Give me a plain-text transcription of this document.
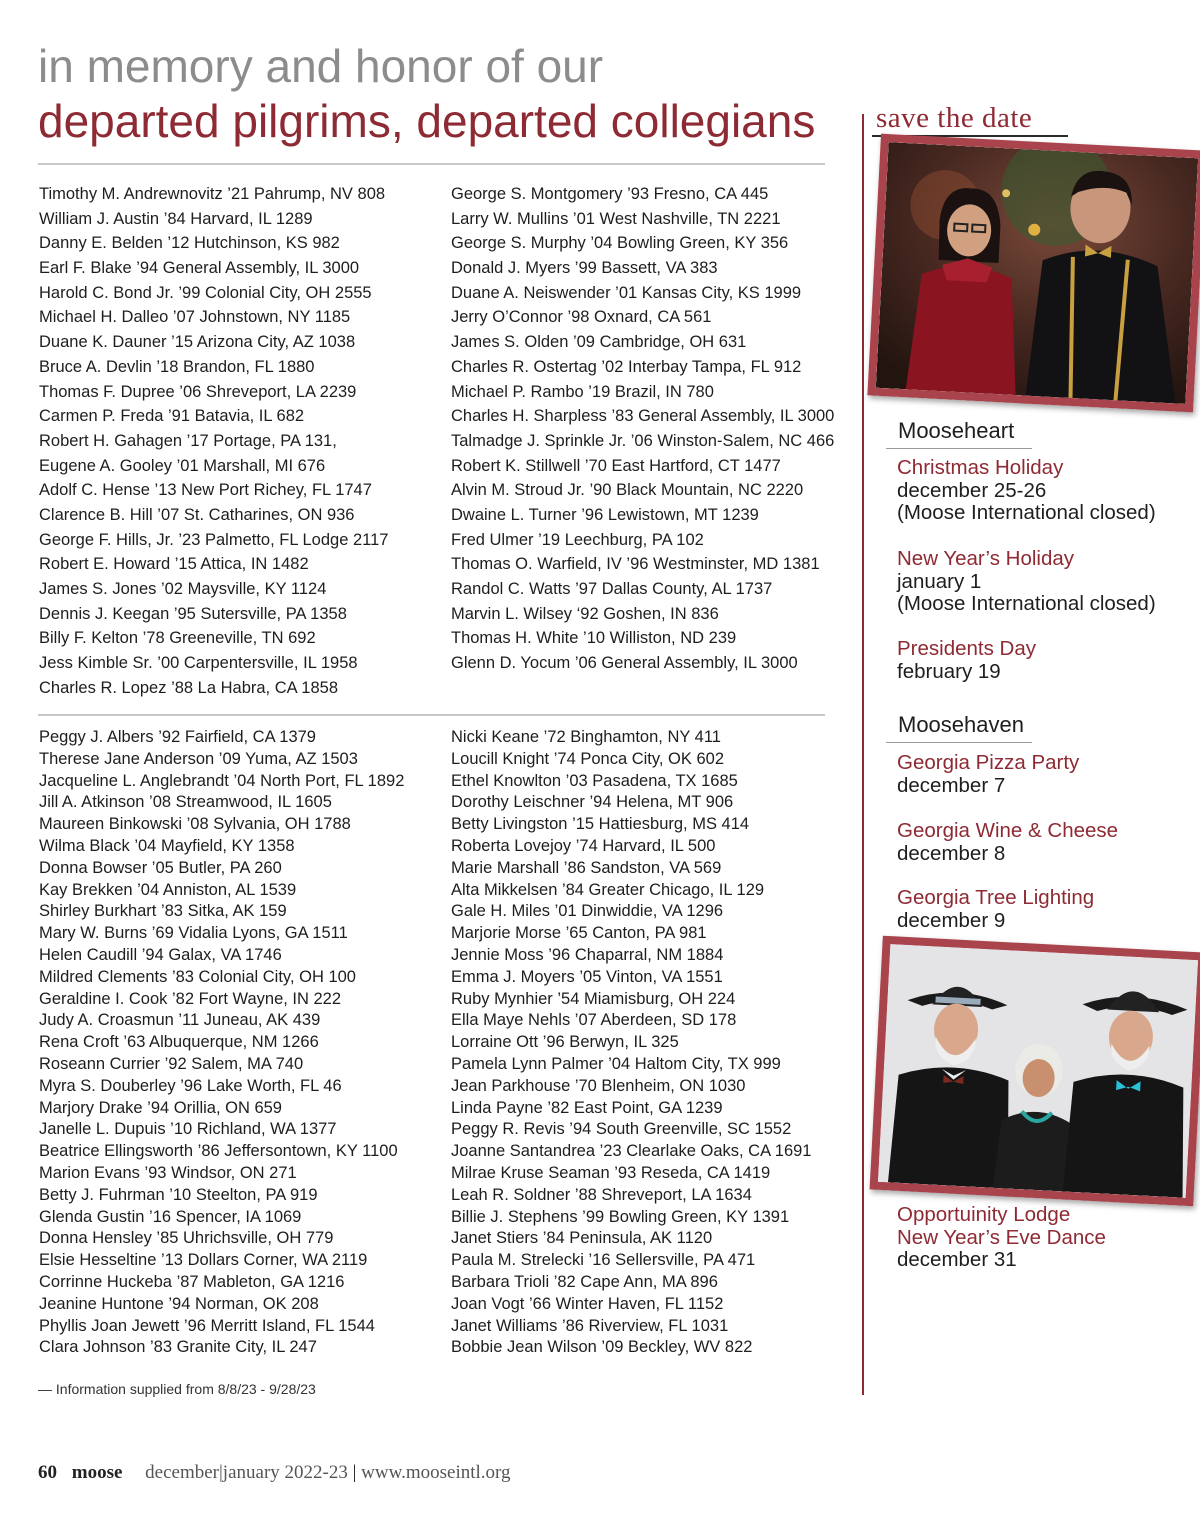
in memory and honor of our
departed pilgrims, departed collegians
Timothy M. Andrewnovitz ’21 Pahrump, NV 808
William J. Austin ’84 Harvard, IL 1289
Danny E. Belden ’12 Hutchinson, KS 982
Earl F. Blake ’94 General Assembly, IL 3000
Harold C. Bond Jr. ’99 Colonial City, OH 2555
Michael H. Dalleo ’07 Johnstown, NY 1185
Duane K. Dauner ’15 Arizona City, AZ 1038
Bruce A. Devlin ’18 Brandon, FL 1880
Thomas F. Dupree ’06 Shreveport, LA 2239
Carmen P. Freda ’91 Batavia, IL 682
Robert H. Gahagen ’17 Portage, PA 131,
Eugene A. Gooley ’01 Marshall, MI 676
Adolf C. Hense ’13 New Port Richey, FL 1747
Clarence B. Hill ’07 St. Catharines, ON 936
George F. Hills, Jr. ’23 Palmetto, FL Lodge 2117
Robert E. Howard ’15 Attica, IN 1482
James S. Jones ’02 Maysville, KY 1124
Dennis J. Keegan ’95 Sutersville, PA 1358
Billy F. Kelton ’78 Greeneville, TN 692
Jess Kimble Sr. ’00 Carpentersville, IL 1958
Charles R. Lopez ’88 La Habra, CA 1858
George S. Montgomery ’93 Fresno, CA 445
Larry W. Mullins ’01 West Nashville, TN 2221
George S. Murphy ’04 Bowling Green, KY 356
Donald J. Myers ’99 Bassett, VA 383
Duane A. Neiswender ’01 Kansas City, KS 1999
Jerry O’Connor ’98 Oxnard, CA 561
James S. Olden ’09 Cambridge, OH 631
Charles R. Ostertag ’02 Interbay Tampa, FL 912
Michael P. Rambo ’19 Brazil, IN 780
Charles H. Sharpless ’83 General Assembly, IL 3000
Talmadge J. Sprinkle Jr. ’06 Winston-Salem, NC 466
Robert K. Stillwell ’70 East Hartford, CT 1477
Alvin M. Stroud Jr. ’90 Black Mountain, NC 2220
Dwaine L. Turner ’96 Lewistown, MT 1239
Fred Ulmer ’19 Leechburg, PA 102
Thomas O. Warfield, IV ’96 Westminster, MD 1381
Randol C. Watts ’97 Dallas County, AL 1737
Marvin L. Wilsey ‘92 Goshen, IN 836
Thomas H. White ’10 Williston, ND 239
Glenn D. Yocum ’06 General Assembly, IL 3000
Peggy J. Albers ’92 Fairfield, CA 1379
Therese Jane Anderson ’09 Yuma, AZ 1503
Jacqueline L. Anglebrandt ’04 North Port, FL 1892
Jill A. Atkinson ’08 Streamwood, IL 1605
Maureen Binkowski ’08 Sylvania, OH 1788
Wilma Black ’04 Mayfield, KY 1358
Donna Bowser ’05 Butler, PA 260
Kay Brekken ’04 Anniston, AL 1539
Shirley Burkhart ’83 Sitka, AK 159
Mary W. Burns ’69 Vidalia Lyons, GA 1511
Helen Caudill ’94 Galax, VA 1746
Mildred Clements ’83 Colonial City, OH 100
Geraldine I. Cook ’82 Fort Wayne, IN 222
Judy A. Croasmun ’11 Juneau, AK 439
Rena Croft ’63 Albuquerque, NM 1266
Roseann Currier ’92 Salem, MA 740
Myra S. Douberley ’96 Lake Worth, FL 46
Marjory Drake ’94 Orillia, ON 659
Janelle L. Dupuis ’10 Richland, WA 1377
Beatrice Ellingsworth ’86 Jeffersontown, KY 1100
Marion Evans ’93 Windsor, ON 271
Betty J. Fuhrman ’10 Steelton, PA 919
Glenda Gustin ’16 Spencer, IA 1069
Donna Hensley ’85 Uhrichsville, OH 779
Elsie Hesseltine ’13 Dollars Corner, WA 2119
Corrinne Huckeba ’87 Mableton, GA 1216
Jeanine Huntone ’94 Norman, OK 208
Phyllis Joan Jewett ’96 Merritt Island, FL 1544
Clara Johnson ’83 Granite City, IL 247
Nicki Keane ’72 Binghamton, NY 411
Loucill Knight ’74 Ponca City, OK 602
Ethel Knowlton ’03 Pasadena, TX 1685
Dorothy Leischner ’94 Helena, MT 906
Betty Livingston ’15 Hattiesburg, MS 414
Roberta Lovejoy ’74 Harvard, IL 500
Marie Marshall ’86 Sandston, VA 569
Alta Mikkelsen ’84 Greater Chicago, IL 129
Gale H. Miles ’01 Dinwiddie, VA 1296
Marjorie Morse ’65 Canton, PA 981
Jennie Moss ’96 Chaparral, NM 1884
Emma J. Moyers ’05 Vinton, VA 1551
Ruby Mynhier ’54 Miamisburg, OH 224
Ella Maye Nehls ’07 Aberdeen, SD 178
Lorraine Ott ’96 Berwyn, IL 325
Pamela Lynn Palmer ’04 Haltom City, TX 999
Jean Parkhouse ’70 Blenheim, ON 1030
Linda Payne ’82 East Point, GA 1239
Peggy R. Revis ’94 South Greenville, SC 1552
Joanne Santandrea ’23 Clearlake Oaks, CA 1691
Milrae Kruse Seaman ’93 Reseda, CA 1419
Leah R. Soldner ’88 Shreveport, LA 1634
Billie J. Stephens ’99 Bowling Green, KY 1391
Janet Stiers ’84 Peninsula, AK 1120
Paula M. Strelecki ’16 Sellersville, PA 471
Barbara Trioli ’82 Cape Ann, MA 896
Joan Vogt ’66 Winter Haven, FL 1152
Janet Williams ’86 Riverview, FL 1031
Bobbie Jean Wilson ’09 Beckley, WV 822
— Information supplied from 8/8/23 - 9/28/23
60 moose december|january 2022-23 | www.mooseintl.org
save the date
Mooseheart
Christmas Holiday
december 25-26
(Moose International closed)
New Year’s Holiday
january 1
(Moose International closed)
Presidents Day
february 19
Moosehaven
Georgia Pizza Party
december 7
Georgia Wine & Cheese
december 8
Georgia Tree Lighting
december 9
Opportuinity Lodge
New Year’s Eve Dance
december 31
